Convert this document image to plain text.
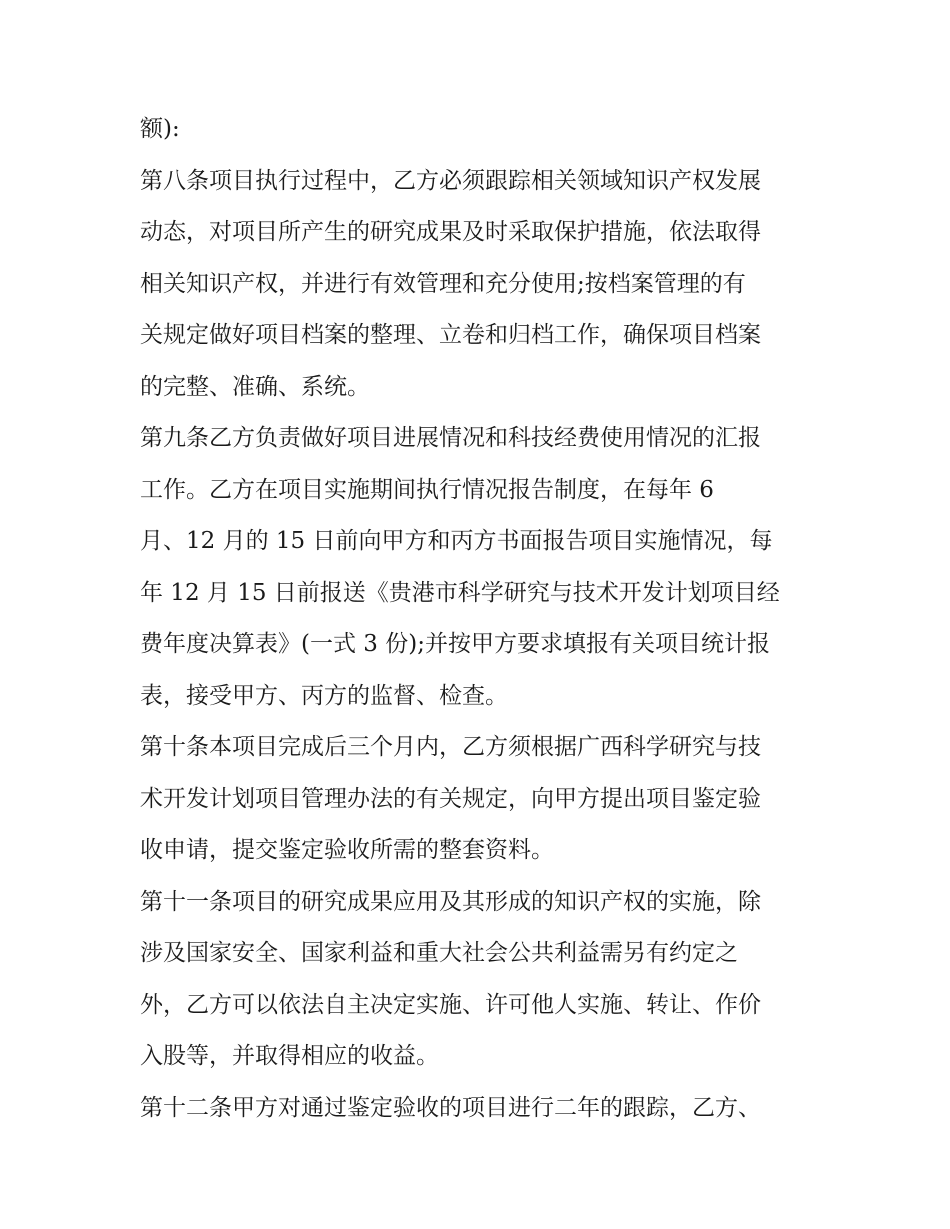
额):
第八条项目执行过程中，乙方必须跟踪相关领域知识产权发展
动态，对项目所产生的研究成果及时采取保护措施，依法取得
相关知识产权，并进行有效管理和充分使用;按档案管理的有
关规定做好项目档案的整理、立卷和归档工作，确保项目档案
的完整、准确、系统。
第九条乙方负责做好项目进展情况和科技经费使用情况的汇报
工作。乙方在项目实施期间执行情况报告制度，在每年 6
月、12 月的 15 日前向甲方和丙方书面报告项目实施情况，每
年 12 月 15 日前报送《贵港市科学研究与技术开发计划项目经
费年度决算表》(一式 3 份);并按甲方要求填报有关项目统计报
表，接受甲方、丙方的监督、检查。
第十条本项目完成后三个月内，乙方须根据广西科学研究与技
术开发计划项目管理办法的有关规定，向甲方提出项目鉴定验
收申请，提交鉴定验收所需的整套资料。
第十一条项目的研究成果应用及其形成的知识产权的实施，除
涉及国家安全、国家利益和重大社会公共利益需另有约定之
外，乙方可以依法自主决定实施、许可他人实施、转让、作价
入股等，并取得相应的收益。
第十二条甲方对通过鉴定验收的项目进行二年的跟踪，乙方、
